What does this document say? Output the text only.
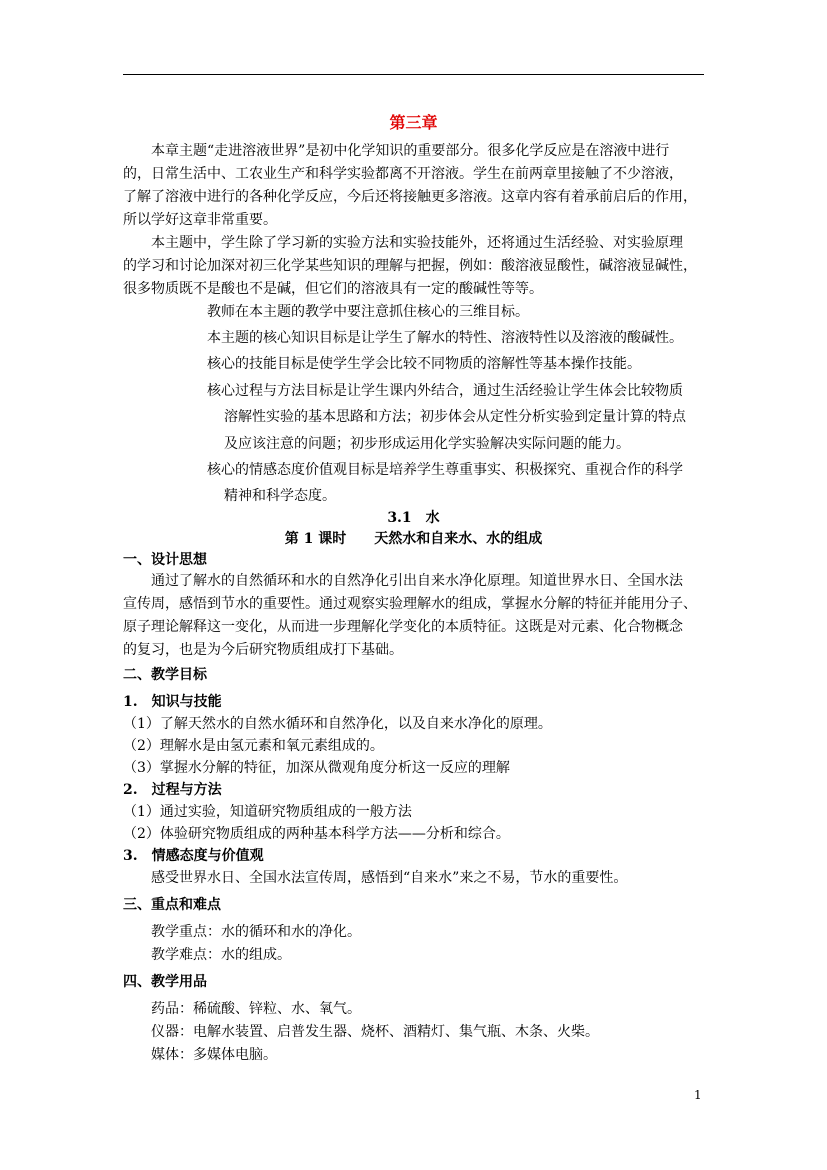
第三章
本章主题“走进溶液世界”是初中化学知识的重要部分。很多化学反应是在溶液中进行
的，日常生活中、工农业生产和科学实验都离不开溶液。学生在前两章里接触了不少溶液，
了解了溶液中进行的各种化学反应，今后还将接触更多溶液。这章内容有着承前启后的作用，
所以学好这章非常重要。
本主题中，学生除了学习新的实验方法和实验技能外，还将通过生活经验、对实验原理
的学习和讨论加深对初三化学某些知识的理解与把握，例如：酸溶液显酸性，碱溶液显碱性，
很多物质既不是酸也不是碱，但它们的溶液具有一定的酸碱性等等。
教师在本主题的教学中要注意抓住核心的三维目标。
本主题的核心知识目标是让学生了解水的特性、溶液特性以及溶液的酸碱性。
核心的技能目标是使学生学会比较不同物质的溶解性等基本操作技能。
核心过程与方法目标是让学生课内外结合，通过生活经验让学生体会比较物质
溶解性实验的基本思路和方法；初步体会从定性分析实验到定量计算的特点
及应该注意的问题；初步形成运用化学实验解决实际问题的能力。
核心的情感态度价值观目标是培养学生尊重事实、积极探究、重视合作的科学
精神和科学态度。
3.1　水
第 1 课时　　天然水和自来水、水的组成
一、设计思想
通过了解水的自然循环和水的自然净化引出自来水净化原理。知道世界水日、全国水法
宣传周，感悟到节水的重要性。通过观察实验理解水的组成，掌握水分解的特征并能用分子、
原子理论解释这一变化，从而进一步理解化学变化的本质特征。这既是对元素、化合物概念
的复习，也是为今后研究物质组成打下基础。
二、教学目标
1.　知识与技能
（1）了解天然水的自然水循环和自然净化，以及自来水净化的原理。
（2）理解水是由氢元素和氧元素组成的。
（3）掌握水分解的特征，加深从微观角度分析这一反应的理解
2.　过程与方法
（1）通过实验，知道研究物质组成的一般方法
（2）体验研究物质组成的两种基本科学方法——分析和综合。
3.　情感态度与价值观
感受世界水日、全国水法宣传周，感悟到“自来水”来之不易，节水的重要性。
三、重点和难点
教学重点：水的循环和水的净化。
教学难点：水的组成。
四、教学用品
药品：稀硫酸、锌粒、水、氧气。
仪器：电解水装置、启普发生器、烧杯、酒精灯、集气瓶、木条、火柴。
媒体：多媒体电脑。
1
